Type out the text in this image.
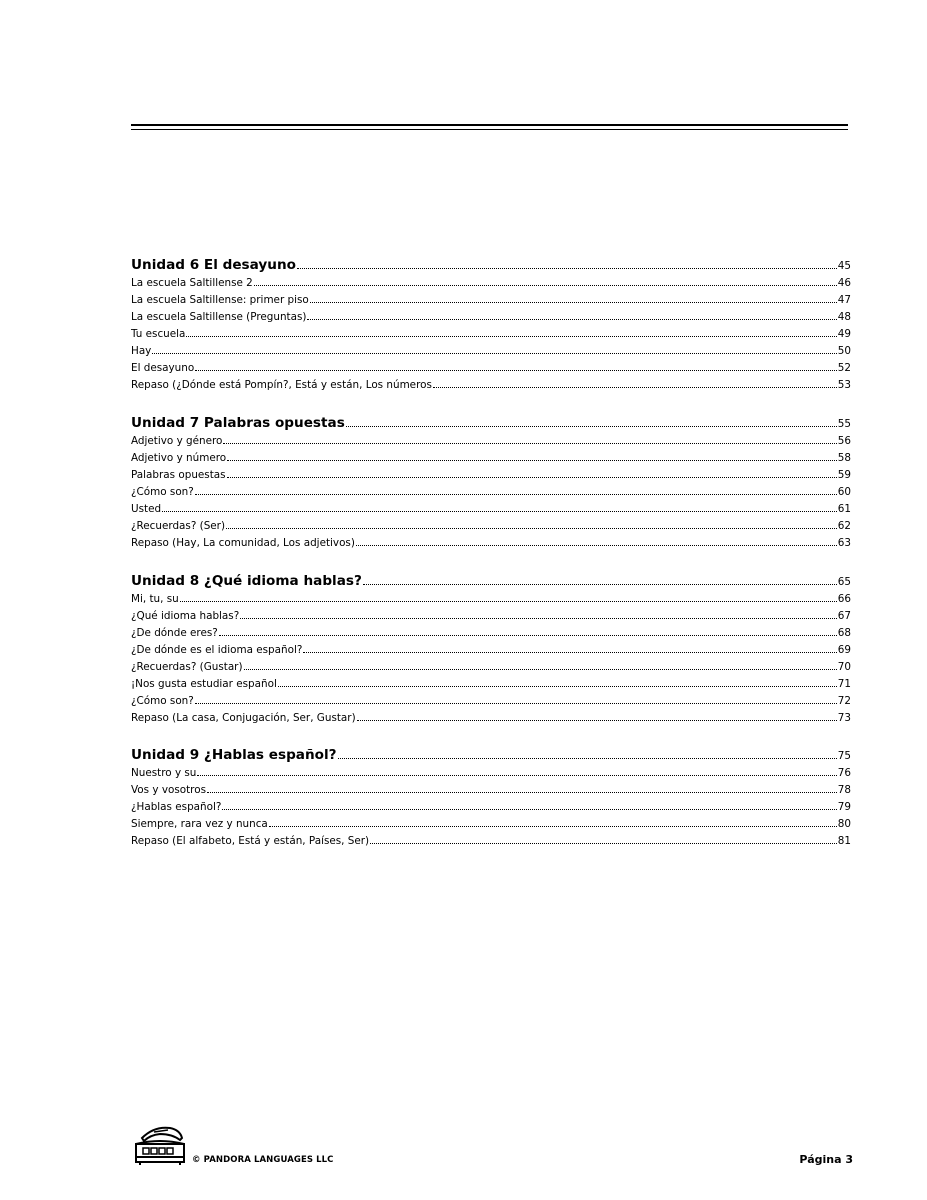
Unidad 6 El desayuno	45
La escuela Saltillense 2	46
La escuela Saltillense: primer piso	47
La escuela Saltillense (Preguntas)	48
Tu escuela	49
Hay	50
El desayuno	52
Repaso (¿Dónde está Pompín?, Está y están, Los números	53
Unidad 7 Palabras opuestas	55
Adjetivo y género	56
Adjetivo y número	58
Palabras opuestas	59
¿Cómo son?	60
Usted	61
¿Recuerdas? (Ser)	62
Repaso (Hay, La comunidad, Los adjetivos)	63
Unidad 8 ¿Qué idioma hablas?	65
Mi, tu, su	66
¿Qué idioma hablas?	67
¿De dónde eres?	68
¿De dónde es el idioma español?	69
¿Recuerdas? (Gustar)	70
¡Nos gusta estudiar español	71
¿Cómo son?	72
Repaso (La casa, Conjugación, Ser, Gustar)	73
Unidad 9 ¿Hablas español?	75
Nuestro y su	76
Vos y vosotros	78
¿Hablas español?	79
Siempre, rara vez y nunca	80
Repaso (El alfabeto, Está y están, Países, Ser)	81
© PANDORA LANGUAGES LLC	Página 3
